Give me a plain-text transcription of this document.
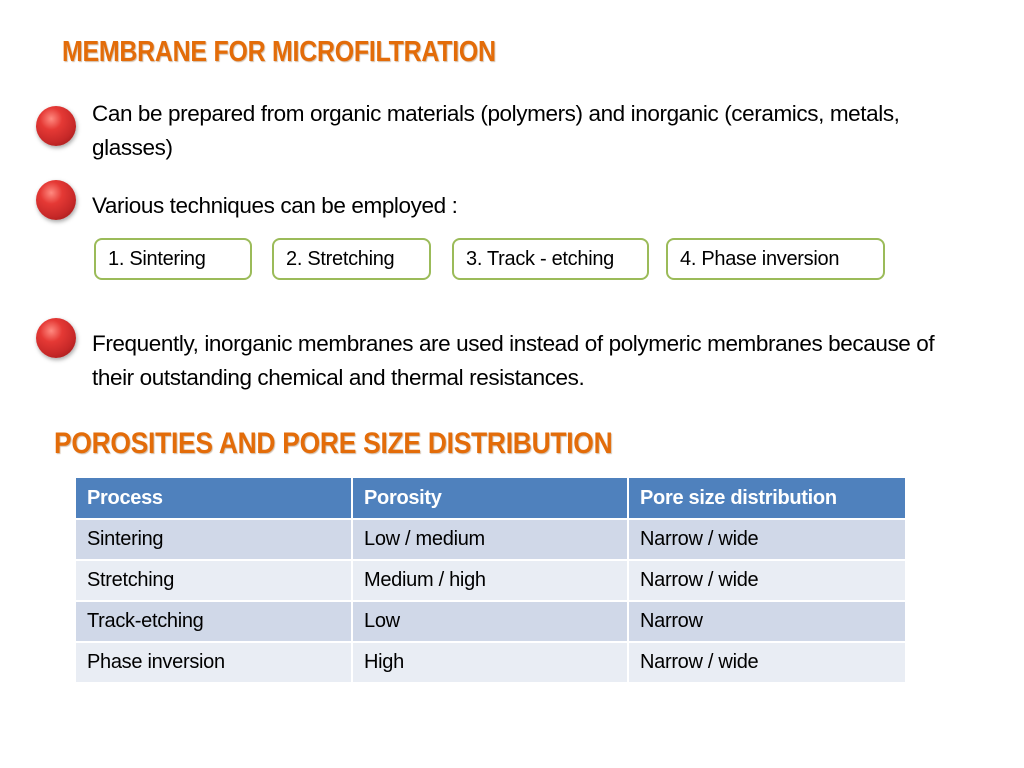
MEMBRANE FOR MICROFILTRATION
Can be prepared from organic materials (polymers) and inorganic (ceramics, metals, glasses)
Various techniques can be employed :
1. Sintering	2. Stretching	3. Track - etching	4. Phase inversion
Frequently, inorganic membranes are used instead of polymeric membranes because of their outstanding chemical and thermal resistances.
POROSITIES AND PORE SIZE DISTRIBUTION
Process	Porosity	Pore size distribution
Sintering	Low / medium	Narrow / wide
Stretching	Medium / high	Narrow / wide
Track-etching	Low	Narrow
Phase inversion	High	Narrow / wide
